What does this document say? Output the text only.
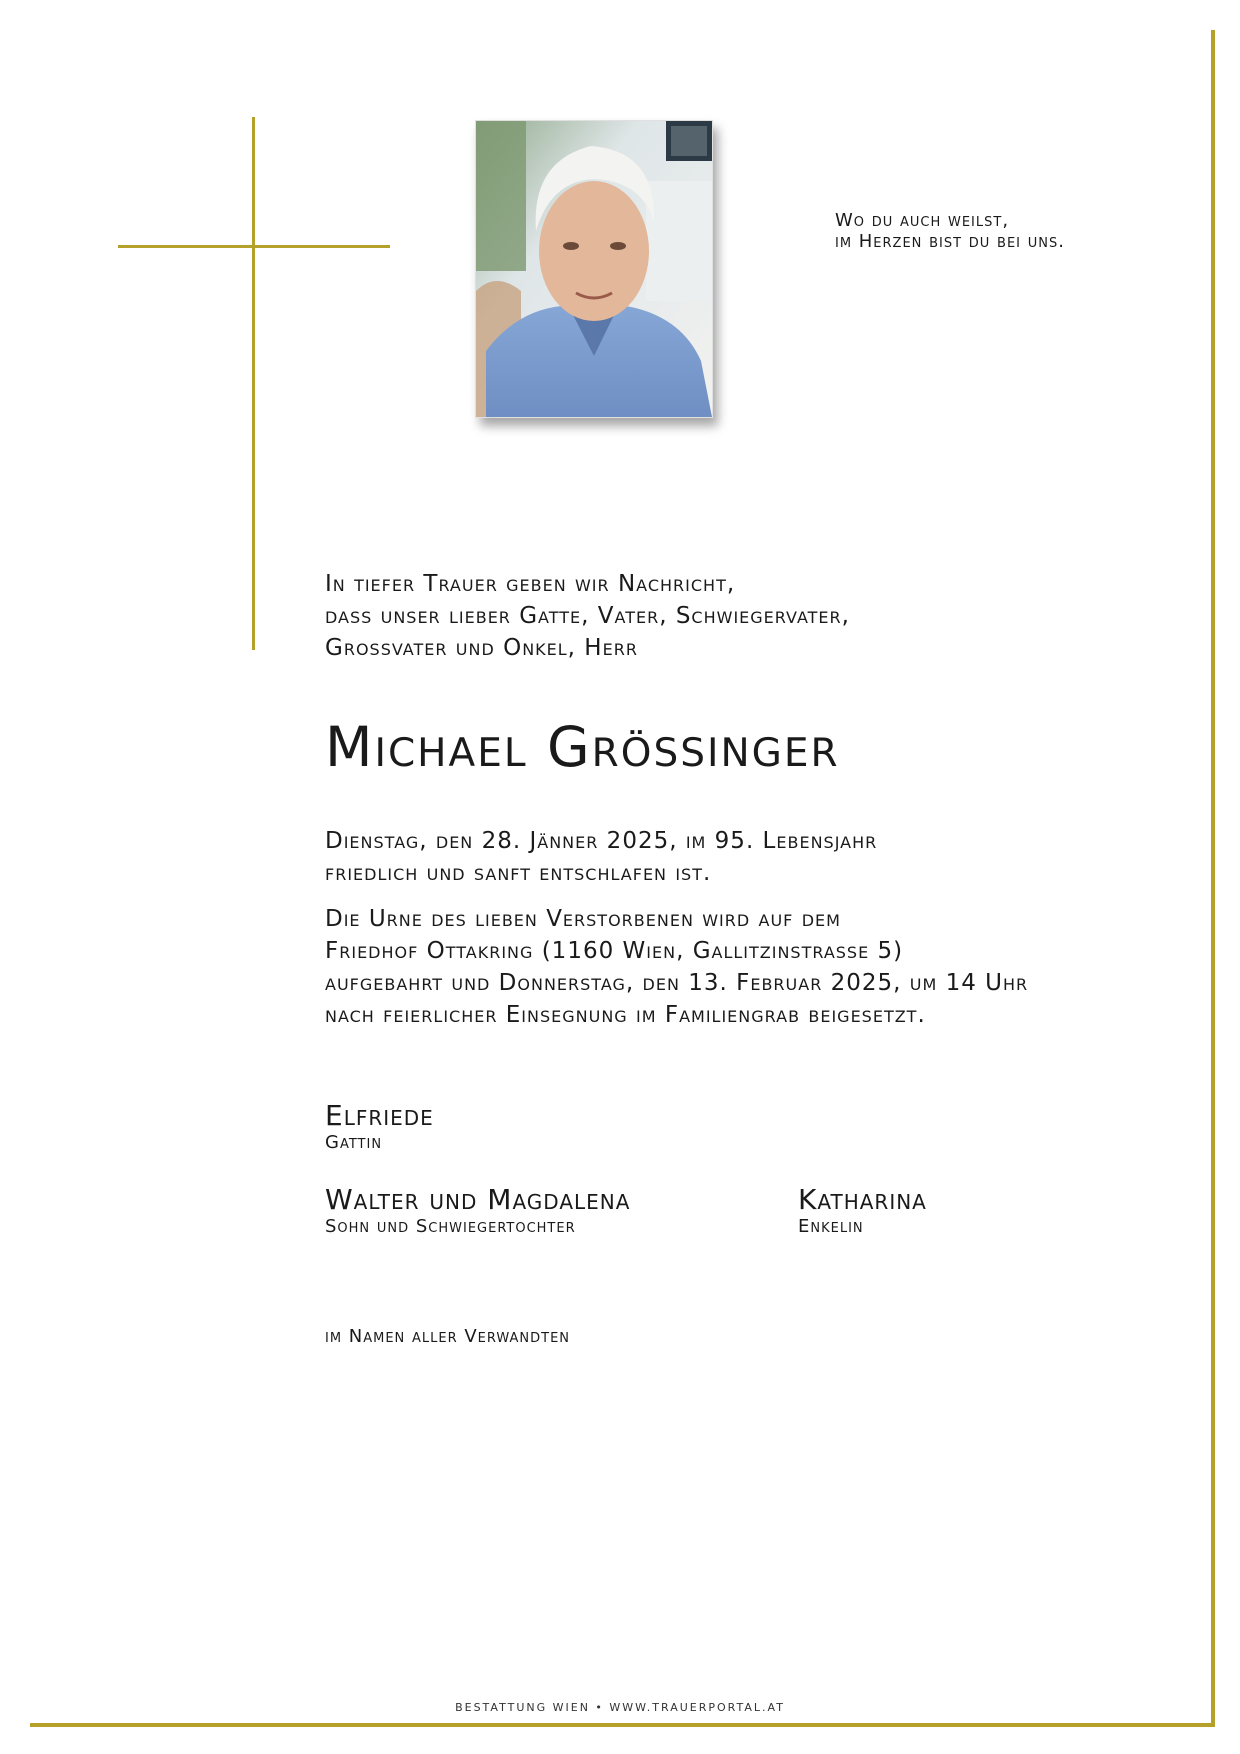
Wo du auch weilst,
im Herzen bist du bei uns.
In tiefer Trauer geben wir Nachricht,
dass unser lieber Gatte, Vater, Schwiegervater,
Grossvater und Onkel, Herr
Michael Grössinger
Dienstag, den 28. Jänner 2025, im 95. Lebensjahr
friedlich und sanft entschlafen ist.
Die Urne des lieben Verstorbenen wird auf dem
Friedhof Ottakring (1160 Wien, Gallitzinstrasse 5)
aufgebahrt und Donnerstag, den 13. Februar 2025, um 14 Uhr
nach feierlicher Einsegnung im Familiengrab beigesetzt.
Elfriede
Gattin
Walter und Magdalena
Sohn und Schwiegertochter
Katharina
Enkelin
im Namen aller Verwandten
BESTATTUNG WIEN • WWW.TRAUERPORTAL.AT
